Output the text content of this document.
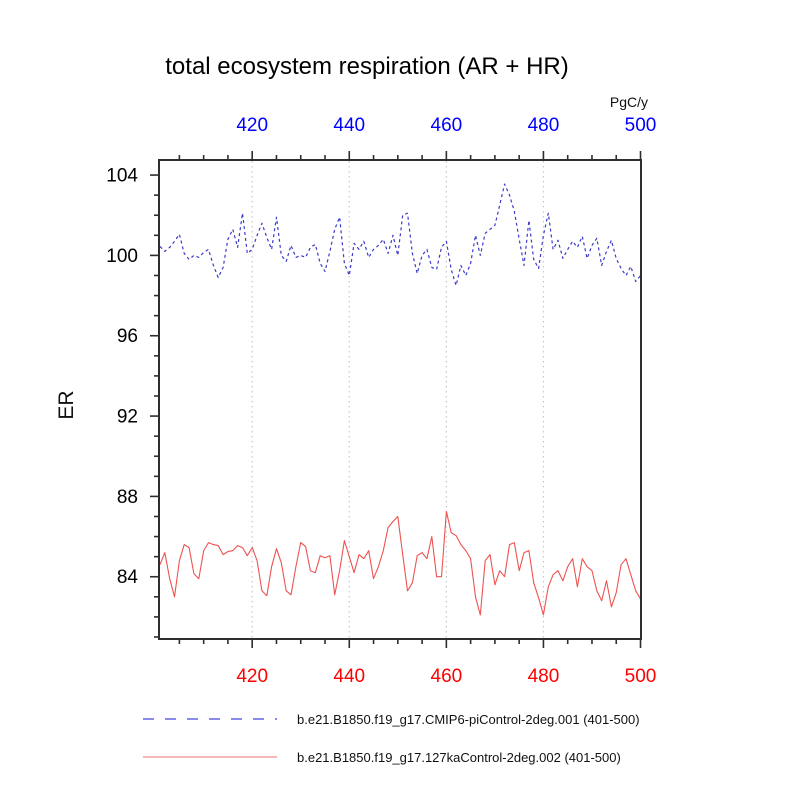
total ecosystem respiration (AR + HR)
PgC/y
ER
420	440	460	480	500
420	440	460	480	500
84
88
92
96
100
104
b.e21.B1850.f19_g17.CMIP6-piControl-2deg.001 (401-500)
b.e21.B1850.f19_g17.127kaControl-2deg.002 (401-500)
